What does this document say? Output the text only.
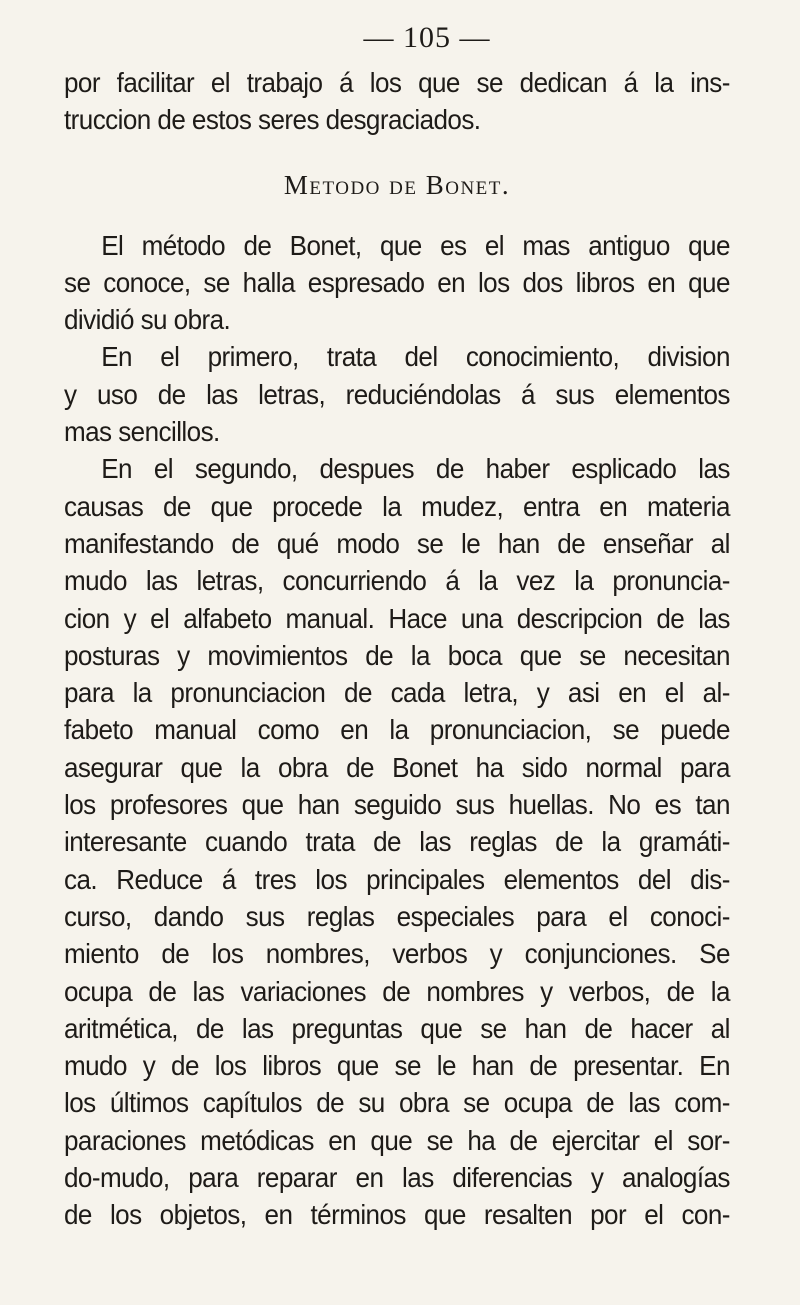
— 105 —
por facilitar el trabajo á los que se dedican á la ins-
truccion de estos seres desgraciados.
Metodo de Bonet.
El método de Bonet, que es el mas antiguo que
se conoce, se halla espresado en los dos libros en que
dividió su obra.
En el primero, trata del conocimiento, division
y uso de las letras, reduciéndolas á sus elementos
mas sencillos.
En el segundo, despues de haber esplicado las
causas de que procede la mudez, entra en materia
manifestando de qué modo se le han de enseñar al
mudo las letras, concurriendo á la vez la pronuncia-
cion y el alfabeto manual. Hace una descripcion de las
posturas y movimientos de la boca que se necesitan
para la pronunciacion de cada letra, y asi en el al-
fabeto manual como en la pronunciacion, se puede
asegurar que la obra de Bonet ha sido normal para
los profesores que han seguido sus huellas. No es tan
interesante cuando trata de las reglas de la gramáti-
ca. Reduce á tres los principales elementos del dis-
curso, dando sus reglas especiales para el conoci-
miento de los nombres, verbos y conjunciones. Se
ocupa de las variaciones de nombres y verbos, de la
aritmética, de las preguntas que se han de hacer al
mudo y de los libros que se le han de presentar. En
los últimos capítulos de su obra se ocupa de las com-
paraciones metódicas en que se ha de ejercitar el sor-
do-mudo, para reparar en las diferencias y analogías
de los objetos, en términos que resalten por el con-
